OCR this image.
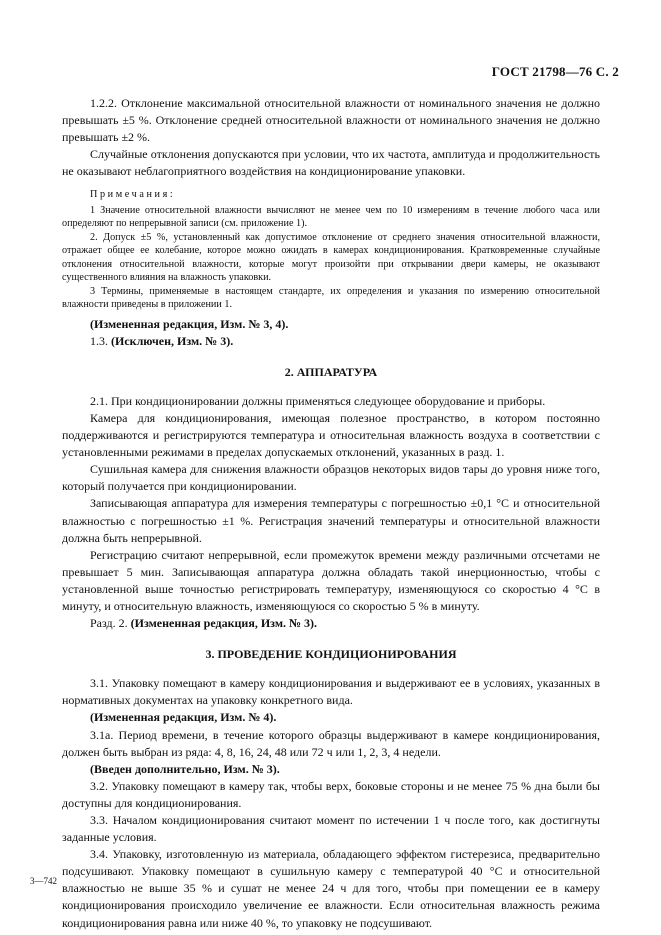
ГОСТ 21798—76 С. 2

1.2.2. Отклонение максимальной относительной влажности от номинального значения не должно превышать ±5 %. Отклонение средней относительной влажности от номинального значения не должно превышать ±2 %.

Случайные отклонения допускаются при условии, что их частота, амплитуда и продолжительность не оказывают неблагоприятного воздействия на кондиционирование упаковки.

Примечания:

1 Значение относительной влажности вычисляют не менее чем по 10 измерениям в течение любого часа или определяют по непрерывной записи (см. приложение 1).

2. Допуск ±5 %, установленный как допустимое отклонение от среднего значения относительной влажности, отражает общее ее колебание, которое можно ожидать в камерах кондиционирования. Кратковременные случайные отклонения относительной влажности, которые могут произойти при открывании двери камеры, не оказывают существенного влияния на влажность упаковки.

3 Термины, применяемые в настоящем стандарте, их определения и указания по измерению относительной влажности приведены в приложении 1.

(Измененная редакция, Изм. № 3, 4).

1.3. (Исключен, Изм. № 3).

2. АППАРАТУРА

2.1. При кондиционировании должны применяться следующее оборудование и приборы.

Камера для кондиционирования, имеющая полезное пространство, в котором постоянно поддерживаются и регистрируются температура и относительная влажность воздуха в соответствии с установленными режимами в пределах допускаемых отклонений, указанных в разд. 1.

Сушильная камера для снижения влажности образцов некоторых видов тары до уровня ниже того, который получается при кондиционировании.

Записывающая аппаратура для измерения температуры с погрешностью ±0,1 °С и относительной влажностью с погрешностью ±1 %. Регистрация значений температуры и относительной влажности должна быть непрерывной.

Регистрацию считают непрерывной, если промежуток времени между различными отсчетами не превышает 5 мин. Записывающая аппаратура должна обладать такой инерционностью, чтобы с установленной выше точностью регистрировать температуру, изменяющуюся со скоростью 4 °С в минуту, и относительную влажность, изменяющуюся со скоростью 5 % в минуту.

Разд. 2. (Измененная редакция, Изм. № 3).

3. ПРОВЕДЕНИЕ КОНДИЦИОНИРОВАНИЯ

3.1. Упаковку помещают в камеру кондиционирования и выдерживают ее в условиях, указанных в нормативных документах на упаковку конкретного вида.

(Измененная редакция, Изм. № 4).

3.1а. Период времени, в течение которого образцы выдерживают в камере кондиционирования, должен быть выбран из ряда: 4, 8, 16, 24, 48 или 72 ч или 1, 2, 3, 4 недели.

(Введен дополнительно, Изм. № 3).

3.2. Упаковку помещают в камеру так, чтобы верх, боковые стороны и не менее 75 % дна были бы доступны для кондиционирования.

3.3. Началом кондиционирования считают момент по истечении 1 ч после того, как достигнуты заданные условия.

3.4. Упаковку, изготовленную из материала, обладающего эффектом гистерезиса, предварительно подсушивают. Упаковку помещают в сушильную камеру с температурой 40 °С и относительной влажностью не выше 35 % и сушат не менее 24 ч для того, чтобы при помещении ее в камеру кондиционирования происходило увеличение ее влажности. Если относительная влажность режима кондиционирования равна или ниже 40 %, то упаковку не подсушивают.

3—742
